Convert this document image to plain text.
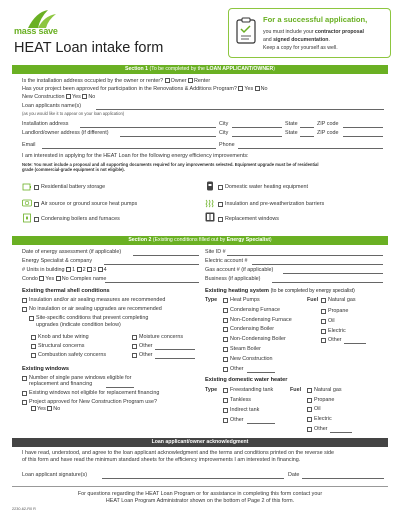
mass save
HEAT Loan intake form
For a successful application,
you must include your contractor proposal
and signed documentation.
Keep a copy for yourself as well.
Section 1 (To be completed by the LOAN APPLICANT/OWNER)
Is the installation address occupied by the owner or renter? Owner Renter
Has your project been approved for participation in the Renovations & Additions Program? Yes No
New Construction Yes No
Loan applicants name(s)
(as you would like it to appear on your loan application)
Installation address	City	State	ZIP code
Landlord/owner address (if different)	City	State	ZIP code
Email	Phone
I am interested in applying for the HEAT Loan for the following energy efficiency improvements:
Note: You must include a proposal and all supporting documents required for any improvements selected. Equipment upgrade must be of residential
grade (commercial-grade equipment is not eligible).
Residential battery storage	Domestic water heating equipment
Air source or ground source heat pumps	Insulation and pre-weatherization barriers
Condensing boilers and furnaces	Replacement windows
Section 2 (Existing conditions filled out by Energy Specialist)
Date of energy assessment (if applicable)	Site ID #
Energy Specialist & company	Electric account #
# Units in building 1 2 3 4	Gas account # (if applicable)
Condo Yes No Complex name	Business (if applicable)
Existing thermal shell conditions
Insulation and/or air sealing measures are recommended
No insulation or air sealing upgrades are recommended
Site-specific conditions that prevent completing
upgrades (indicate condition below)
Knob and tube wiring	Moisture concerns
Structural concerns	Other
Combustion safety concerns	Other
Existing windows
Number of single pane windows eligible for
replacement and financing
Existing windows not eligible for replacement financing
Project approved for New Construction Program use?
Yes No
Existing heating system (to be completed by energy specialist)
Type	Fuel
Heat Pumps
Condensing Furnace
Non-Condensing Furnace
Condensing Boiler
Non-Condensing Boiler
Steam Boiler
New Construction
Other
Natural gas
Propane
Oil
Electric
Other
Existing domestic water heater
Type	Fuel
Freestanding tank
Tankless
Indirect tank
Other
Natural gas
Propane
Oil
Electric
Other
Loan applicant/owner acknowledgment
I have read, understood, and agree to the loan applicant acknowledgment and the terms and conditions printed on the reverse side
of this form and have read the minimum standard sheets for the efficiency improvements I am interested in financing.
Loan applicant signature(s)	Date
For questions regarding the HEAT Loan Program or for assistance in completing this form contact your
HEAT Loan Program Administrator shown on the bottom of Page 2 of this form.
2230-62-R0 R
